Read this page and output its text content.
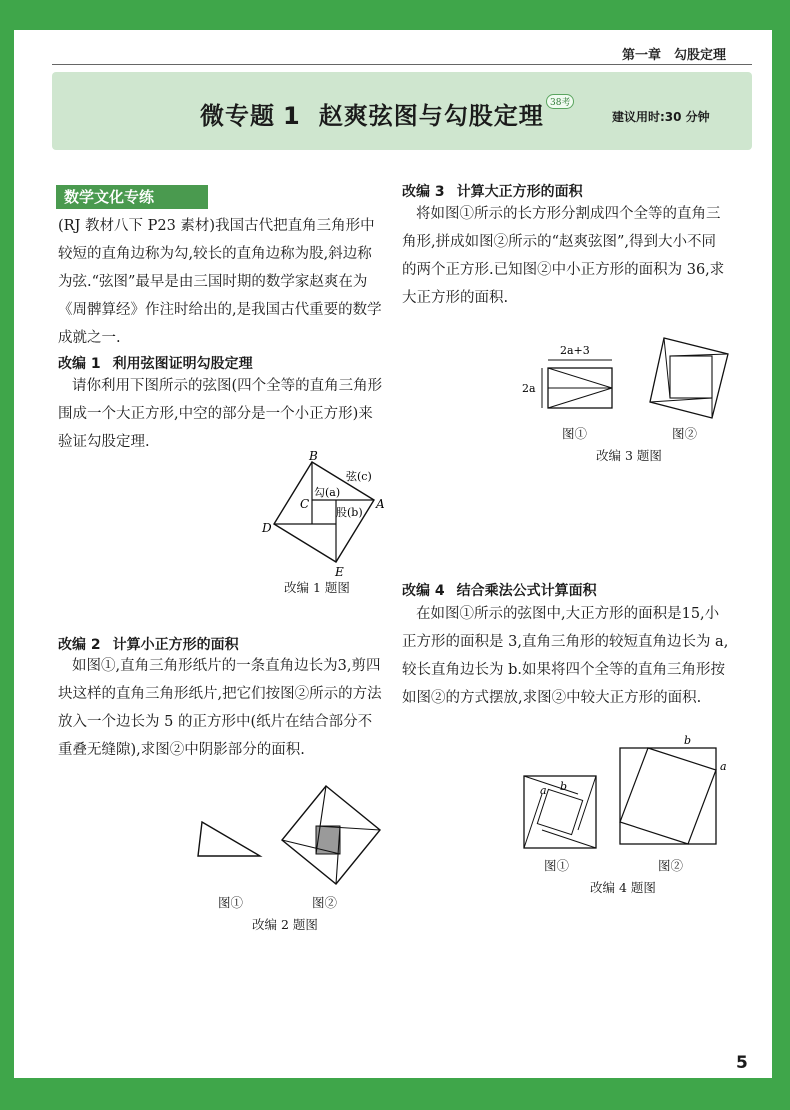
第一章　勾股定理
微专题 1 赵爽弦图与勾股定理 38考
建议用时:30 分钟
数学文化专练
(RJ 教材八下 P23 素材)我国古代把直角三角形中较短的直角边称为勾,较长的直角边称为股,斜边称为弦.“弦图”最早是由三国时期的数学家赵爽在为《周髀算经》作注时给出的,是我国古代重要的数学成就之一.
改编 1 利用弦图证明勾股定理
请你利用下图所示的弦图(四个全等的直角三角形围成一个大正方形,中空的部分是一个小正方形)来验证勾股定理.
B
A
C
D
E
弦(c)
勾(a)
股(b)
改编 1 题图
改编 2 计算小正方形的面积
如图①,直角三角形纸片的一条直角边长为3,剪四块这样的直角三角形纸片,把它们按图②所示的方法放入一个边长为 5 的正方形中(纸片在结合部分不重叠无缝隙),求图②中阴影部分的面积.
图①	图②
改编 2 题图
改编 3 计算大正方形的面积
将如图①所示的长方形分割成四个全等的直角三角形,拼成如图②所示的“赵爽弦图”,得到大小不同的两个正方形.已知图②中小正方形的面积为 36,求大正方形的面积.
2a+3
2a
图①	图②
改编 3 题图
改编 4 结合乘法公式计算面积
在如图①所示的弦图中,大正方形的面积是15,小正方形的面积是 3,直角三角形的较短直角边长为 a,较长直角边长为 b.如果将四个全等的直角三角形按如图②的方式摆放,求图②中较大正方形的面积.
a b
b
a
图①	图②
改编 4 题图
5
